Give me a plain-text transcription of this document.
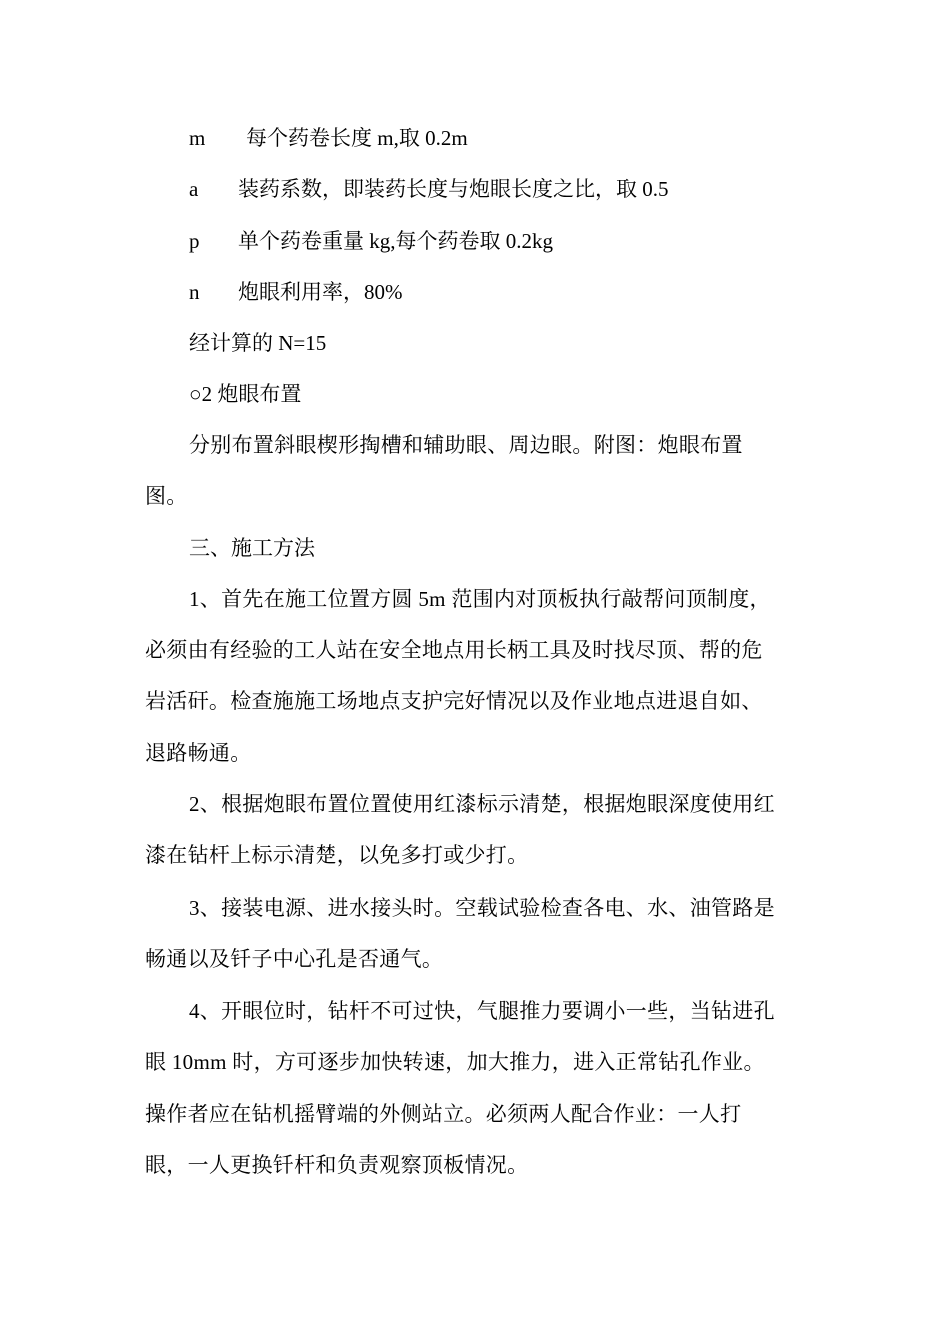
m 每个药卷长度 m,取 0.2m
a 装药系数，即装药长度与炮眼长度之比，取 0.5
p 单个药卷重量 kg,每个药卷取 0.2kg
n 炮眼利用率，80%
经计算的 N=15
○2 炮眼布置
分别布置斜眼楔形掏槽和辅助眼、周边眼。附图：炮眼布置
图。
三、施工方法
1、首先在施工位置方圆 5m 范围内对顶板执行敲帮问顶制度，
必须由有经验的工人站在安全地点用长柄工具及时找尽顶、帮的危
岩活矸。检查施施工场地点支护完好情况以及作业地点进退自如、
退路畅通。
2、根据炮眼布置位置使用红漆标示清楚，根据炮眼深度使用红
漆在钻杆上标示清楚，以免多打或少打。
3、接装电源、进水接头时。空载试验检查各电、水、油管路是
畅通以及钎子中心孔是否通气。
4、开眼位时，钻杆不可过快，气腿推力要调小一些，当钻进孔
眼 10mm 时，方可逐步加快转速，加大推力，进入正常钻孔作业。
操作者应在钻机摇臂端的外侧站立。必须两人配合作业：一人打
眼，一人更换钎杆和负责观察顶板情况。
